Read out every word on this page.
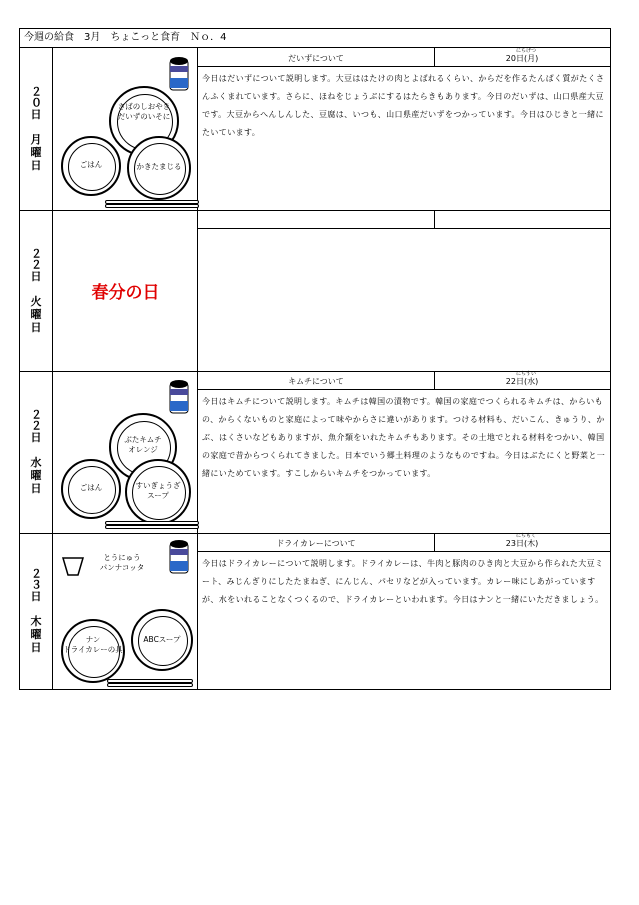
今週の給食　3月　ちょこっと食育　Ｎｏ．4
２０
日
月
曜
日
さばのしおやき
だいずのいそに
ごはん	かきたまじる
だいずについて
にちげつ
20日(月)
今日はだいずについて説明します。大豆ははたけの肉とよばれるくらい、からだを作るたんぱく質がたくさんふくまれています。さらに、ほねをじょうぶにするはたらきもあります。今日のだいずは、山口県産大豆です。大豆からへんしんした、豆腐は、いつも、山口県産だいずをつかっています。今日はひじきと一緒にたいています。
２２
日
火
曜
日
春分の日
２２
日
水
曜
日
ぶたキムチ
オレンジ
ごはん	すいぎょうざ
スープ
キムチについて
にちすい
22日(水)
今日はキムチについて説明します。キムチは韓国の漬物です。韓国の家庭でつくられるキムチは、からいもの、からくないものと家庭によって味やからさに違いがあります。つける材料も、だいこん、きゅうり、かぶ、はくさいなどもありますが、魚介類をいれたキムチもあります。その土地でとれる材料をつかい、韓国の家庭で昔からつくられてきました。日本でいう郷土料理のようなものですね。今日はぶたにくと野菜と一緒にいためています。すこしからいキムチをつかっています。
２３
日
木
曜
日
とうにゅう
パンナコッタ
ナン
ドライカレーの具
ABCスープ
ドライカレーについて
にちもく
23日(木)
今日はドライカレーについて説明します。ドライカレーは、牛肉と豚肉のひき肉と大豆から作られた大豆ミート、みじんぎりにしたたまねぎ、にんじん、パセリなどが入っています。カレー味にしあがっていますが、水をいれることなくつくるので、ドライカレーといわれます。今日はナンと一緒にいただきましょう。
